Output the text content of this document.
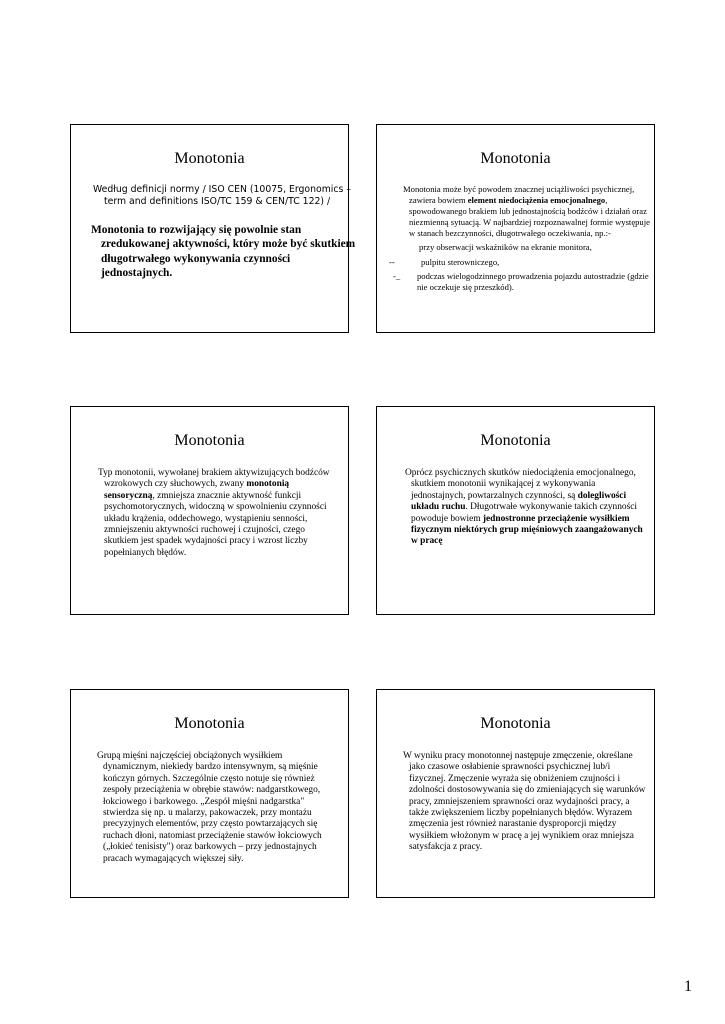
Monotonia
Według definicji normy / ISO CEN (10075, Ergonomics – term and definitions ISO/TC 159 & CEN/TC 122) /
Monotonia to rozwijający się powolnie stan zredukowanej aktywności, który może być skutkiem długotrwałego wykonywania czynności jednostajnych.
Monotonia

Monotonia może być powodem znacznej uciążliwości psychicznej, zawiera bowiem element niedociążenia emocjonalnego, spowodowanego brakiem lub jednostajnością bodźców i działań oraz niezmienną sytuacją. W najbardziej rozpoznawalnej formie występuje w stanach bezczynności, długotrwałego oczekiwania, np.:-

przy obserwacji wskaźników na ekranie monitora,

--	pulpitu sterowniczego,

-_ podczas wielogodzinnego prowadzenia pojazdu autostradzie (gdzie nie oczekuje się przeszkód).

Monotonia
Typ monotonii, wywołanej brakiem aktywizujących bodźców wzrokowych czy słuchowych, zwany monotonią sensoryczną, zmniejsza znacznie aktywność funkcji psychomotorycznych, widoczną w spowolnieniu czynności układu krążenia, oddechowego, wystąpieniu senności, zmniejszeniu aktywności ruchowej i czujności, czego skutkiem jest spadek wydajności pracy i wzrost liczby popełnianych błędów.
Monotonia
Oprócz psychicznych skutków niedociążenia emocjonalnego, skutkiem monotonii wynikającej z wykonywania jednostajnych, powtarzalnych czynności, są dolegliwości układu ruchu. Długotrwałe wykonywanie takich czynności powoduje bowiem jednostronne przeciążenie wysiłkiem fizycznym niektórych grup mięśniowych zaangażowanych w pracę
Monotonia
Grupą mięśni najczęściej obciążonych wysiłkiem dynamicznym, niekiedy bardzo intensywnym, są mięśnie kończyn górnych. Szczególnie często notuje się również zespoły przeciążenia w obrębie stawów: nadgarstkowego, łokciowego i barkowego. „Zespół mięśni nadgarstka" stwierdza się np. u malarzy, pakowaczek, przy montażu precyzyjnych elementów, przy często powtarzających się ruchach dłoni, natomiast przeciążenie stawów łokciowych („łokieć tenisisty") oraz barkowych – przy jednostajnych pracach wymagających większej siły.
Monotonia
W wyniku pracy monotonnej następuje zmęczenie, określane jako czasowe osłabienie sprawności psychicznej lub/i fizycznej. Zmęczenie wyraża się obniżeniem czujności i zdolności dostosowywania się do zmieniających się warunków pracy, zmniejszeniem sprawności oraz wydajności pracy, a także zwiększeniem liczby popełnianych błędów. Wyrazem zmęczenia jest również narastanie dysproporcji między wysiłkiem włożonym w pracę a jej wynikiem oraz mniejsza satysfakcja z pracy.
1
